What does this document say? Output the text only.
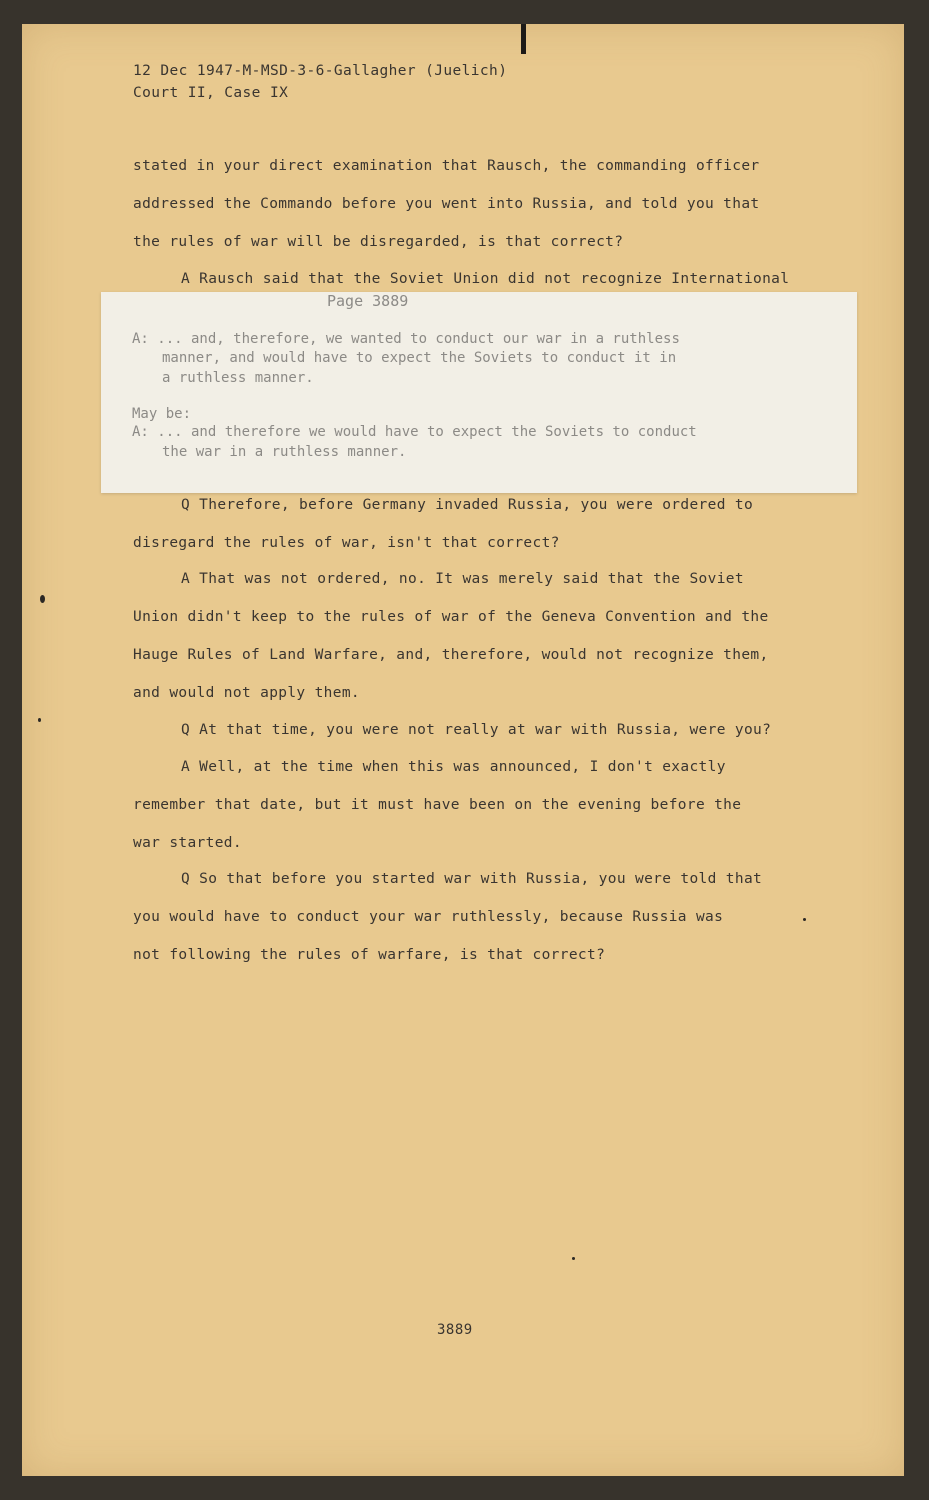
12 Dec 1947-M-MSD-3-6-Gallagher (Juelich)
Court II, Case IX
stated in your direct examination that Rausch, the commanding officer
addressed the Commando before you went into Russia, and told you that
the rules of war will be disregarded, is that correct?
A Rausch said that the Soviet Union did not recognize International
Page 3889
A: ... and, therefore, we wanted to conduct our war in a ruthless
manner, and would have to expect the Soviets to conduct it in
a ruthless manner.
May be:
A: ... and therefore we would have to expect the Soviets to conduct
the war in a ruthless manner.
Q Therefore, before Germany invaded Russia, you were ordered to
disregard the rules of war, isn't that correct?
A That was not ordered, no. It was merely said that the Soviet
Union didn't keep to the rules of war of the Geneva Convention and the
Hauge Rules of Land Warfare, and, therefore, would not recognize them,
and would not apply them.
Q At that time, you were not really at war with Russia, were you?
A Well, at the time when this was announced, I don't exactly
remember that date, but it must have been on the evening before the
war started.
Q So that before you started war with Russia, you were told that
you would have to conduct your war ruthlessly, because Russia was
not following the rules of warfare, is that correct?
3889
